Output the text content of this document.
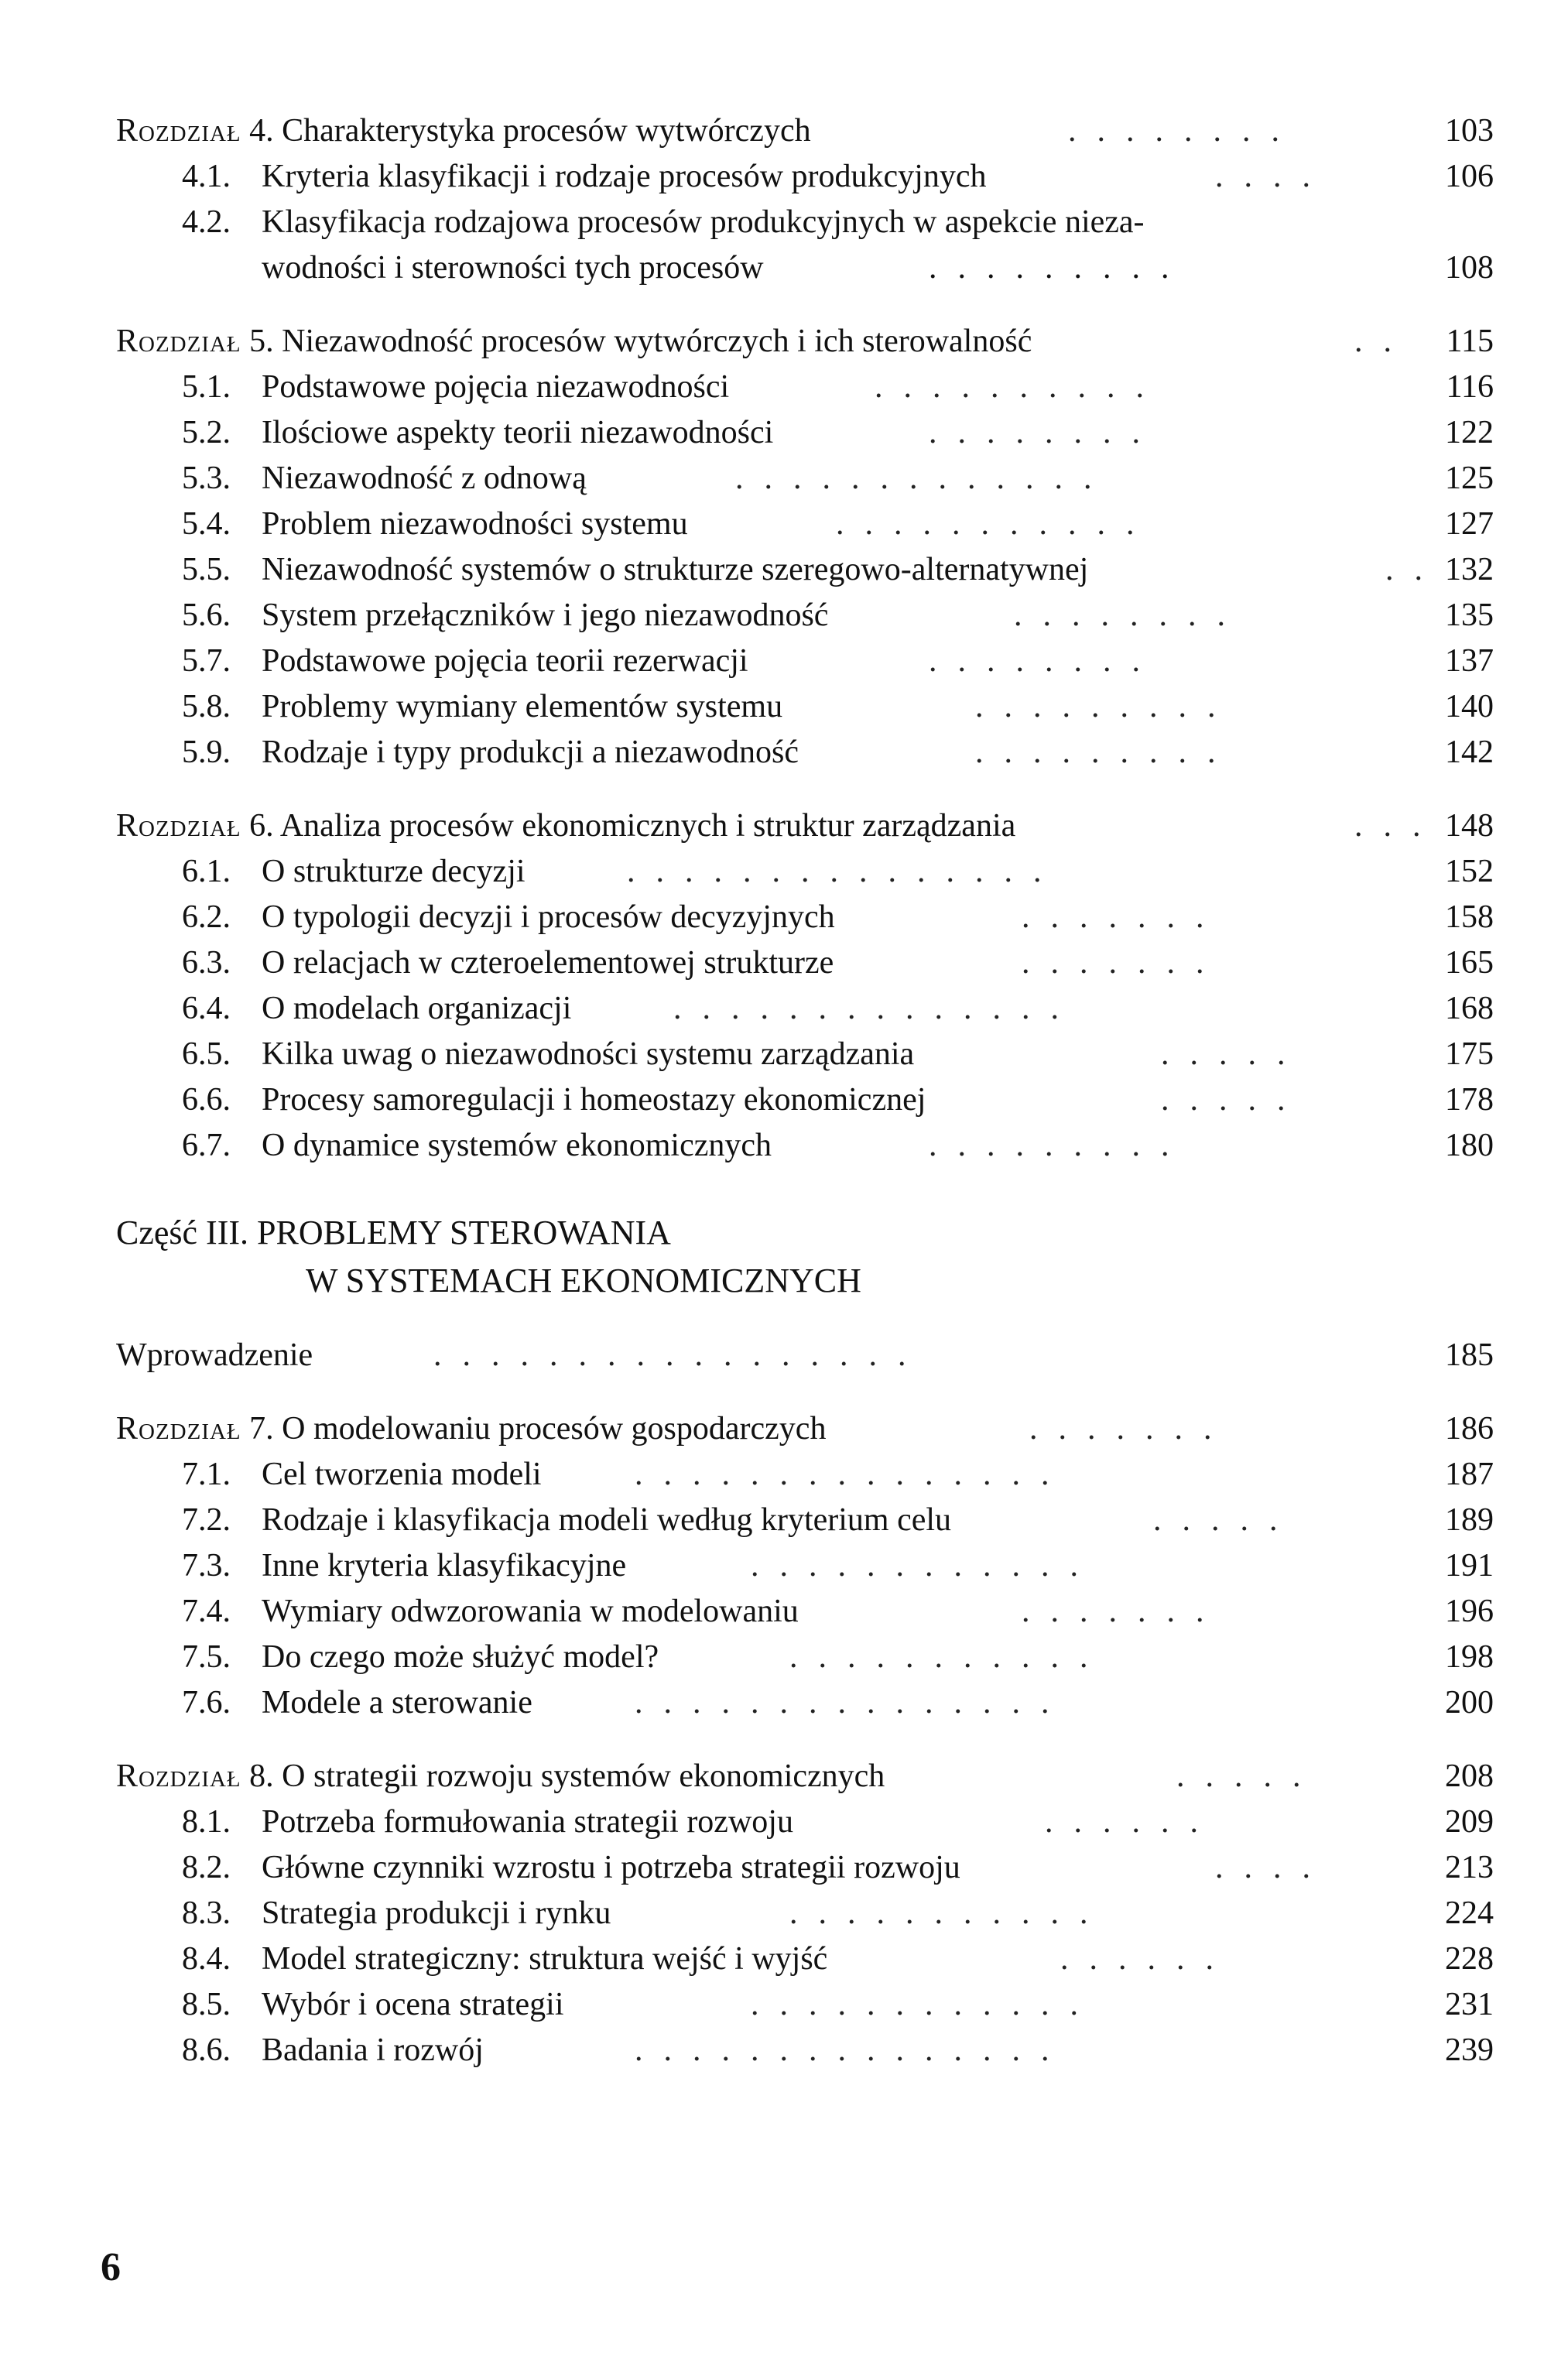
Rozdział 4. Charakterystyka procesów wytwórczych	........	103
4.1. Kryteria klasyfikacji i rodzaje procesów produkcyjnych	....	106
4.2. Klasyfikacja rodzajowa procesów produkcyjnych w aspekcie nieza-
wodności i sterowności tych procesów	.........	108
Rozdział 5. Niezawodność procesów wytwórczych i ich sterowalność	..	115
5.1. Podstawowe pojęcia niezawodności	..........	116
5.2. Ilościowe aspekty teorii niezawodności	........	122
5.3. Niezawodność z odnową	.............	125
5.4. Problem niezawodności systemu	...........	127
5.5. Niezawodność systemów o strukturze szeregowo-alternatywnej	.. 132
5.6. System przełączników i jego niezawodność	........	135
5.7. Podstawowe pojęcia teorii rezerwacji	........	137
5.8. Problemy wymiany elementów systemu	.........	140
5.9. Rodzaje i typy produkcji a niezawodność	.........	142
Rozdział 6. Analiza procesów ekonomicznych i struktur zarządzania	... 148
6.1. O strukturze decyzji	...............	152
6.2. O typologii decyzji i procesów decyzyjnych	.......	158
6.3. O relacjach w czteroelementowej strukturze	.......	165
6.4. O modelach organizacji	..............	168
6.5. Kilka uwag o niezawodności systemu zarządzania	.....	175
6.6. Procesy samoregulacji i homeostazy ekonomicznej	.....	178
6.7. O dynamice systemów ekonomicznych	.........	180
Część III. PROBLEMY STEROWANIA
W SYSTEMACH EKONOMICZNYCH
Wprowadzenie	.................	185
Rozdział 7. O modelowaniu procesów gospodarczych	.......	186
7.1. Cel tworzenia modeli	...............	187
7.2. Rodzaje i klasyfikacja modeli według kryterium celu	.....	189
7.3. Inne kryteria klasyfikacyjne	............	191
7.4. Wymiary odwzorowania w modelowaniu	.......	196
7.5. Do czego może służyć model?	...........	198
7.6. Modele a sterowanie	...............	200
Rozdział 8. O strategii rozwoju systemów ekonomicznych	.....	208
8.1. Potrzeba formułowania strategii rozwoju	......	209
8.2. Główne czynniki wzrostu i potrzeba strategii rozwoju	....	213
8.3. Strategia produkcji i rynku	...........	224
8.4. Model strategiczny: struktura wejść i wyjść	......	228
8.5. Wybór i ocena strategii	............	231
8.6. Badania i rozwój	...............	239
6
